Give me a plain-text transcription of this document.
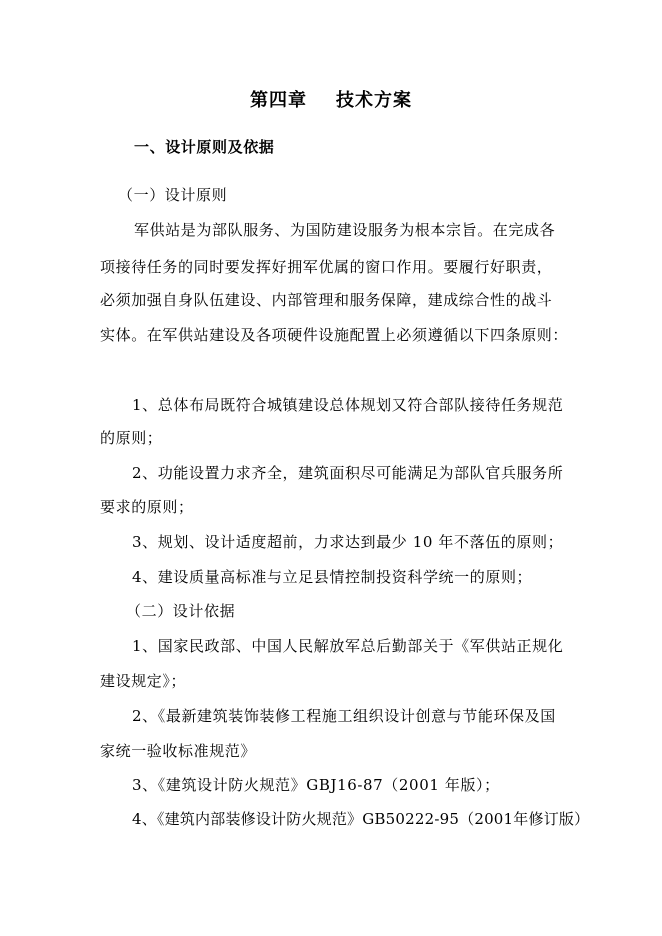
第四章    技术方案
一、设计原则及依据
（一）设计原则
军供站是为部队服务、为国防建设服务为根本宗旨。在完成各
项接待任务的同时要发挥好拥军优属的窗口作用。要履行好职责，
必须加强自身队伍建设、内部管理和服务保障，建成综合性的战斗
实体。在军供站建设及各项硬件设施配置上必须遵循以下四条原则：
1、总体布局既符合城镇建设总体规划又符合部队接待任务规范
的原则；
2、功能设置力求齐全，建筑面积尽可能满足为部队官兵服务所
要求的原则；
3、规划、设计适度超前，力求达到最少 10 年不落伍的原则；
4、建设质量高标准与立足县情控制投资科学统一的原则；
（二）设计依据
1、国家民政部、中国人民解放军总后勤部关于《军供站正规化
建设规定》；
2、《最新建筑装饰装修工程施工组织设计创意与节能环保及国
家统一验收标准规范》
3、《建筑设计防火规范》GBJ16-87（2001 年版）；
4、《建筑内部装修设计防火规范》GB50222-95（2001年修订版）
